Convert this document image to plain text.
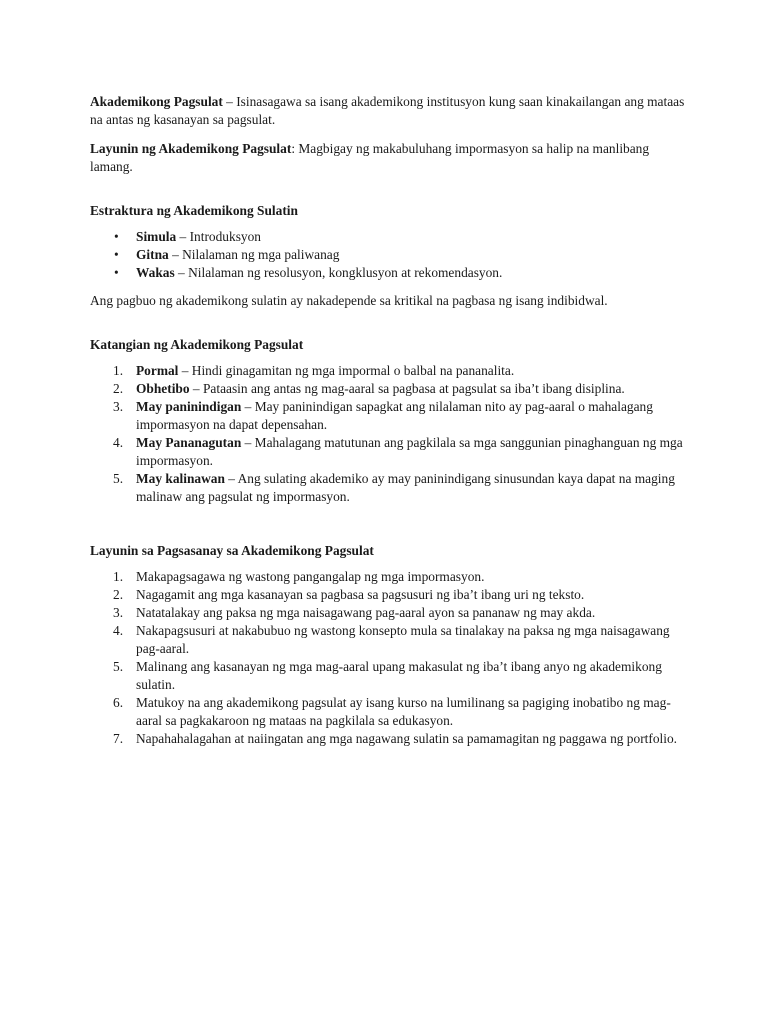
Akademikong Pagsulat – Isinasagawa sa isang akademikong institusyon kung saan kinakailangan ang mataas na antas ng kasanayan sa pagsulat.

Layunin ng Akademikong Pagsulat: Magbigay ng makabuluhang impormasyon sa halip na manlibang lamang.

Estraktura ng Akademikong Sulatin

• Simula – Introduksyon
• Gitna – Nilalaman ng mga paliwanag
• Wakas – Nilalaman ng resolusyon, kongklusyon at rekomendasyon.

Ang pagbuo ng akademikong sulatin ay nakadepende sa kritikal na pagbasa ng isang indibidwal.

Katangian ng Akademikong Pagsulat

1. Pormal – Hindi ginagamitan ng mga impormal o balbal na pananalita.
2. Obhetibo – Pataasin ang antas ng mag-aaral sa pagbasa at pagsulat sa iba’t ibang disiplina.
3. May paninindigan – May paninindigan sapagkat ang nilalaman nito ay pag-aaral o mahalagang impormasyon na dapat depensahan.
4. May Pananagutan – Mahalagang matutunan ang pagkilala sa mga sanggunian pinaghanguan ng mga impormasyon.
5. May kalinawan – Ang sulating akademiko ay may paninindigang sinusundan kaya dapat na maging malinaw ang pagsulat ng impormasyon.

Layunin sa Pagsasanay sa Akademikong Pagsulat

1. Makapagsagawa ng wastong pangangalap ng mga impormasyon.
2. Nagagamit ang mga kasanayan sa pagbasa sa pagsusuri ng iba’t ibang uri ng teksto.
3. Natatalakay ang paksa ng mga naisagawang pag-aaral ayon sa pananaw ng may akda.
4. Nakapagsusuri at nakabubuo ng wastong konsepto mula sa tinalakay na paksa ng mga naisagawang pag-aaral.
5. Malinang ang kasanayan ng mga mag-aaral upang makasulat ng iba’t ibang anyo ng akademikong sulatin.
6. Matukoy na ang akademikong pagsulat ay isang kurso na lumilinang sa pagiging inobatibo ng mag-aaral sa pagkakaroon ng mataas na pagkilala sa edukasyon.
7. Napahahalagahan at naiingatan ang mga nagawang sulatin sa pamamagitan ng paggawa ng portfolio.
